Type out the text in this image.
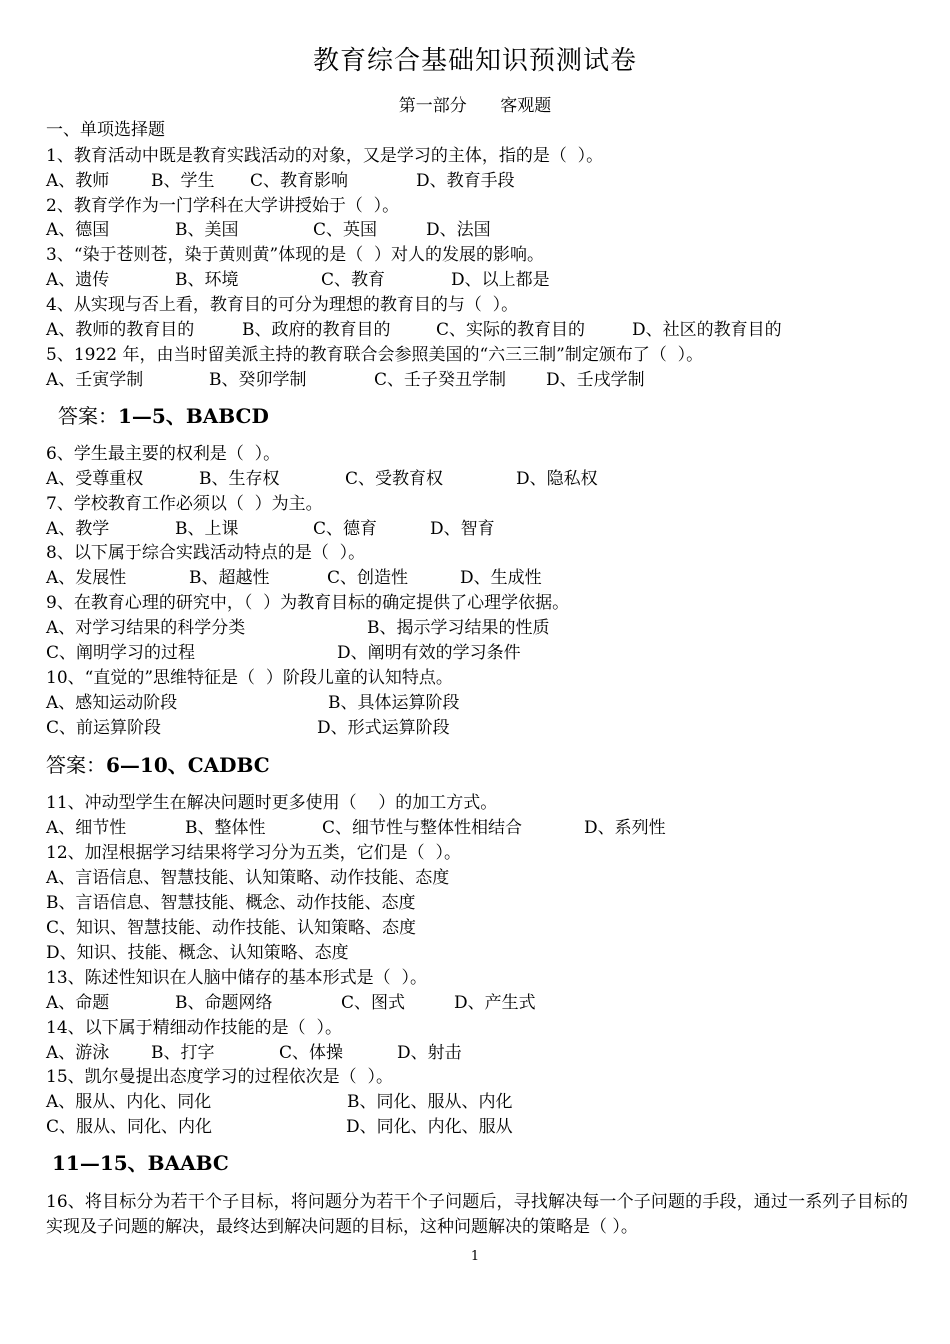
教育综合基础知识预测试卷
第一部分 客观题
一、单项选择题
1、教育活动中既是教育实践活动的对象，又是学习的主体，指的是（  ）。
A、教师 B、学生 C、教育影响	D、教育手段
2、教育学作为一门学科在大学讲授始于（  ）。
A、德国	B、美国	C、英国	D、法国
3、“染于苍则苍，染于黄则黄”体现的是（  ）对人的发展的影响。
A、遗传	B、环境	C、教育	D、以上都是
4、从实现与否上看，教育目的可分为理想的教育目的与（  ）。
A、教师的教育目的	B、政府的教育目的	C、实际的教育目的	D、社区的教育目的
5、1922 年，由当时留美派主持的教育联合会参照美国的“六三三制”制定颁布了（  ）。
A、壬寅学制	B、癸卯学制	C、壬子癸丑学制 D、壬戌学制
答案：1—5、BABCD
6、学生最主要的权利是（  ）。
A、受尊重权	B、生存权	C、受教育权	D、隐私权
7、学校教育工作必须以（  ）为主。
A、教学	B、上课	C、德育	D、智育
8、以下属于综合实践活动特点的是（  ）。
A、发展性	B、超越性	C、创造性	D、生成性
9、在教育心理的研究中，（  ）为教育目标的确定提供了心理学依据。
A、对学习结果的科学分类	B、揭示学习结果的性质
C、阐明学习的过程	D、阐明有效的学习条件
10、“直觉的”思维特征是（  ）阶段儿童的认知特点。
A、感知运动阶段	B、具体运算阶段
C、前运算阶段	D、形式运算阶段
答案：6—10、CADBC
11、冲动型学生在解决问题时更多使用（    ）的加工方式。
A、细节性	B、整体性	C、细节性与整体性相结合	D、系列性
12、加涅根据学习结果将学习分为五类，它们是（  ）。
A、言语信息、智慧技能、认知策略、动作技能、态度
B、言语信息、智慧技能、概念、动作技能、态度
C、知识、智慧技能、动作技能、认知策略、态度
D、知识、技能、概念、认知策略、态度
13、陈述性知识在人脑中储存的基本形式是（  ）。
A、命题	B、命题网络	C、图式	D、产生式
14、以下属于精细动作技能的是（  ）。
A、游泳 B、打字	C、体操	D、射击
15、凯尔曼提出态度学习的过程依次是（  ）。
A、服从、内化、同化	B、同化、服从、内化
C、服从、同化、内化	D、同化、内化、服从
11—15、BAABC
16、将目标分为若干个子目标，将问题分为若干个子问题后，寻找解决每一个子问题的手段，通过一系列子目标的实现及子问题的解决，最终达到解决问题的目标，这种问题解决的策略是（ ）。
1
